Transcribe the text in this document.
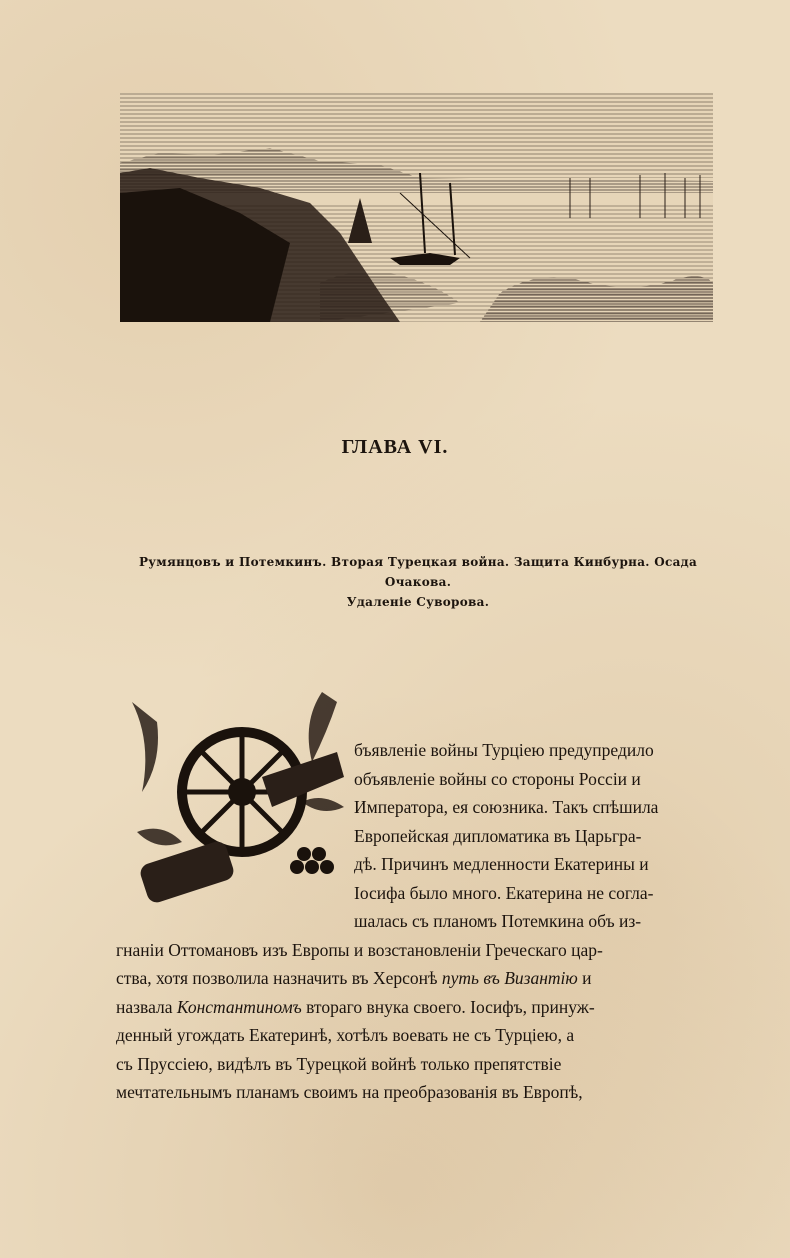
ГЛАВА VI.
Румянцовъ и Потемкинъ. Вторая Турецкая война. Защита Кинбурна. Осада Очакова.
Удаленіе Суворова.
бъявленіе войны Турціею предупредило
объявленіе войны со стороны Россіи и
Императора, ея союзника. Такъ спѣшила
Европейская дипломатика въ Царьгра-
дѣ. Причинъ медленности Екатерины и
Іосифа было много. Екатерина не согла-
шалась съ планомъ Потемкина объ из-
гнаніи Оттомановъ изъ Европы и возстановленіи Греческаго цар-
ства, хотя позволила назначить въ Херсонѣ путь въ Византію и
назвала Константиномъ втораго внука своего. Іосифъ, принуж-
денный угождать Екатеринѣ, хотѣлъ воевать не съ Турціею, а
съ Пруссіею, видѣлъ въ Турецкой войнѣ только препятствіе
мечтательнымъ планамъ своимъ на преобразованія въ Европѣ,
